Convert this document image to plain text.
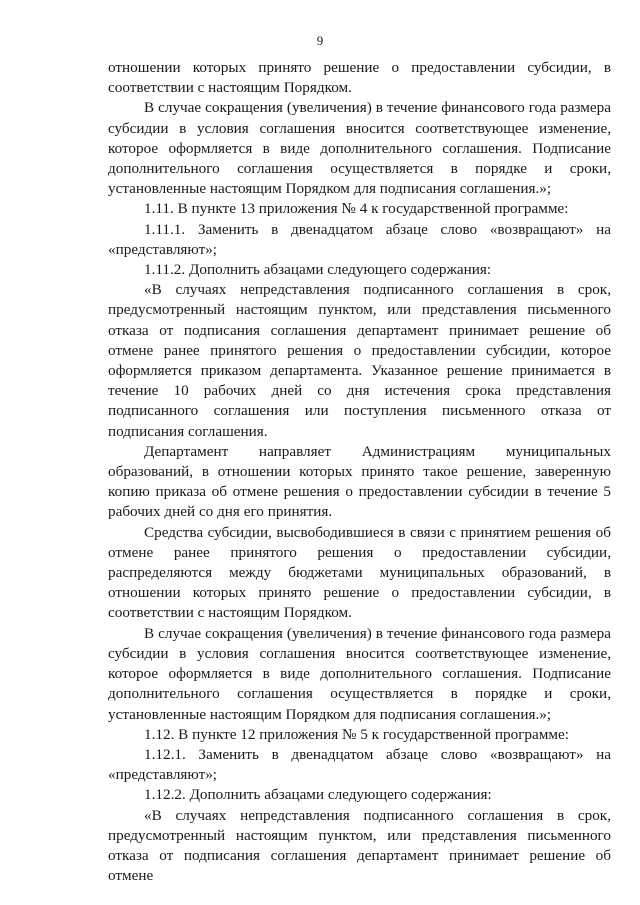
9

отношении которых принято решение о предоставлении субсидии, в соответствии с настоящим Порядком.

В случае сокращения (увеличения) в течение финансового года размера субсидии в условия соглашения вносится соответствующее изменение, которое оформляется в виде дополнительного соглашения. Подписание дополнительного соглашения осуществляется в порядке и сроки, установленные настоящим Порядком для подписания соглашения.»;

1.11. В пункте 13 приложения № 4 к государственной программе:

1.11.1. Заменить в двенадцатом абзаце слово «возвращают» на «представляют»;

1.11.2. Дополнить абзацами следующего содержания:

«В случаях непредставления подписанного соглашения в срок, предусмотренный настоящим пунктом, или представления письменного отказа от подписания соглашения департамент принимает решение об отмене ранее принятого решения о предоставлении субсидии, которое оформляется приказом департамента. Указанное решение принимается в течение 10 рабочих дней со дня истечения срока представления подписанного соглашения или поступления письменного отказа от подписания соглашения.

Департамент направляет Администрациям муниципальных образований, в отношении которых принято такое решение, заверенную копию приказа об отмене решения о предоставлении субсидии в течение 5 рабочих дней со дня его принятия.

Средства субсидии, высвободившиеся в связи с принятием решения об отмене ранее принятого решения о предоставлении субсидии, распределяются между бюджетами муниципальных образований, в отношении которых принято решение о предоставлении субсидии, в соответствии с настоящим Порядком.

В случае сокращения (увеличения) в течение финансового года размера субсидии в условия соглашения вносится соответствующее изменение, которое оформляется в виде дополнительного соглашения. Подписание дополнительного соглашения осуществляется в порядке и сроки, установленные настоящим Порядком для подписания соглашения.»;

1.12. В пункте 12 приложения № 5 к государственной программе:

1.12.1. Заменить в двенадцатом абзаце слово «возвращают» на «представляют»;

1.12.2. Дополнить абзацами следующего содержания:

«В случаях непредставления подписанного соглашения в срок, предусмотренный настоящим пунктом, или представления письменного отказа от подписания соглашения департамент принимает решение об отмене
